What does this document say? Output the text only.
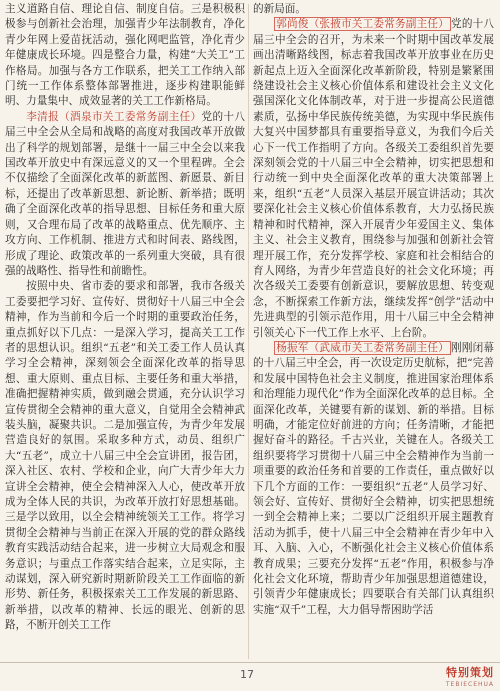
主义道路自信、理论自信、制度自信。三是积极积极参与创新社会治理，加强青少年法制教育，净化青少年网上爱苗抚活动，强化网吧监管，净化青少年健康成长环境。四是整合力量，构建“大关工”工作格局。加强与各方工作联系，把关工工作纳入部门统一工作体系整体部署推进，逐步构建职能鲜明、力量集中、成效显著的关工工作新格局。

李清报（酒泉市关工委常务副主任）党的十八届三中全会从全局和战略的高度对我国改革开放做出了科学的规划部署，是继十一届三中全会以来我国改革开放史中有深远意义的又一个里程碑。全会不仅描绘了全面深化改革的新蓝图、新愿景、新目标，还提出了改革新思想、新论断、新举措；既明确了全面深化改革的指导思想、目标任务和重大原则，又合理布局了改革的战略重点、优先顺序、主攻方向、工作机制、推进方式和时间表、路线图，形成了理论、政策改革的一系列重大突破，具有很强的战略性、指导性和前瞻性。

按照中央、省市委的要求和部署，我市各级关工委要把学习好、宣传好、贯彻好十八届三中全会精神，作为当前和今后一个时期的重要政治任务，重点抓好以下几点：一是深入学习，提高关工工作者的思想认识。组织“五老”和关工委工作人员认真学习全会精神，深刻领会全面深化改革的指导思想、重大原则、重点目标、主要任务和重大举措，准确把握精神实质，做到融会贯通，充分认识学习宣传贯彻全会精神的重大意义，自觉用全会精神武装头脑，凝聚共识。二是加强宣传，为青少年发展营造良好的氛围。采取多种方式，动员、组织广大“五老”，成立十八届三中全会宣讲团，报告团，深入社区、农村、学校和企业，向广大青少年大力宣讲全会精神，使全会精神深入人心，使改革开放成为全体人民的共识，为改革开放打好思想基础。三是学以致用，以全会精神统领关工工作。将学习贯彻全会精神与当前正在深入开展的党的群众路线教育实践活动结合起来，进一步树立大局观念和服务意识；与重点工作落实结合起来，立足实际，主动谋划，深入研究新时期新阶段关工工作面临的新形势、新任务，积极探索关工工作发展的新思路、新举措，以改革的精神、长远的眼光、创新的思路，不断开创关工工作

的新局面。

郭尚俊（张掖市关工委常务副主任） 党的十八届三中全会的召开，为未来一个时期中国改革发展画出清晰路线图，标志着我国改革开放事业在历史新起点上迈入全面深化改革新阶段，特别是繁紧围绕建设社会主义核心价值体系和建设社会主义文化强国深化文化体制改革，对于进一步提高公民道德素质，弘扬中华民族传统美德，为实现中华民族伟大复兴中国梦都具有重要指导意义，为我们今后关心下一代工作指明了方向。各级关工委组织首先要深刻领会党的十八届三中全会精神，切实把思想和行动统一到中央全面深化改革的重大决策部署上来，组织“五老”人员深入基层开展宣讲活动；其次要深化社会主义核心价值体系教育，大力弘扬民族精神和时代精神，深入开展青少年爱国主义、集体主义、社会主义教育，围绕参与加强和创新社会管理开展工作，充分发挥学校、家庭和社会相结合的育人网络，为青少年营造良好的社会文化环境；再次各级关工委要有创新意识，要解放思想、转变观念，不断探索工作新方法，继续发挥“创学”活动中先进典型的引领示范作用，用十八届三中全会精神引领关心下一代工作上水平、上台阶。

杨振军（武威市关工委常务副主任） 刚刚闭幕的十八届三中全会，再一次设定历史航标，把“完善和发展中国特色社会主义制度，推进国家治理体系和治理能力现代化”作为全面深化改革的总目标。全面深化改革，关键要有新的谋划、新的举措。目标明确，才能定位好前进的方向；任务清晰，才能把握好奋斗的路径。千古兴业，关键在人。各级关工组织要将学习贯彻十八届三中全会精神作为当前一项重要的政治任务和首要的工作责任，重点做好以下几个方面的工作：一要组织“五老”人员学习好、领会好、宣传好、贯彻好全会精神，切实把思想统一到全会精神上来；二要以广泛组织开展主题教育活动为抓手，使十八届三中全会精神在青少年中入耳、入脑、入心，不断强化社会主义核心价值体系教育成果；三要充分发挥“五老”作用，积极参与净化社会文化环境，帮助青少年加强思想道德建设，引领青少年健康成长；四要联合有关部门认真组织实施“双千”工程，大力倡导帮困助学活

17	特别策划
TEBIECEHUA
